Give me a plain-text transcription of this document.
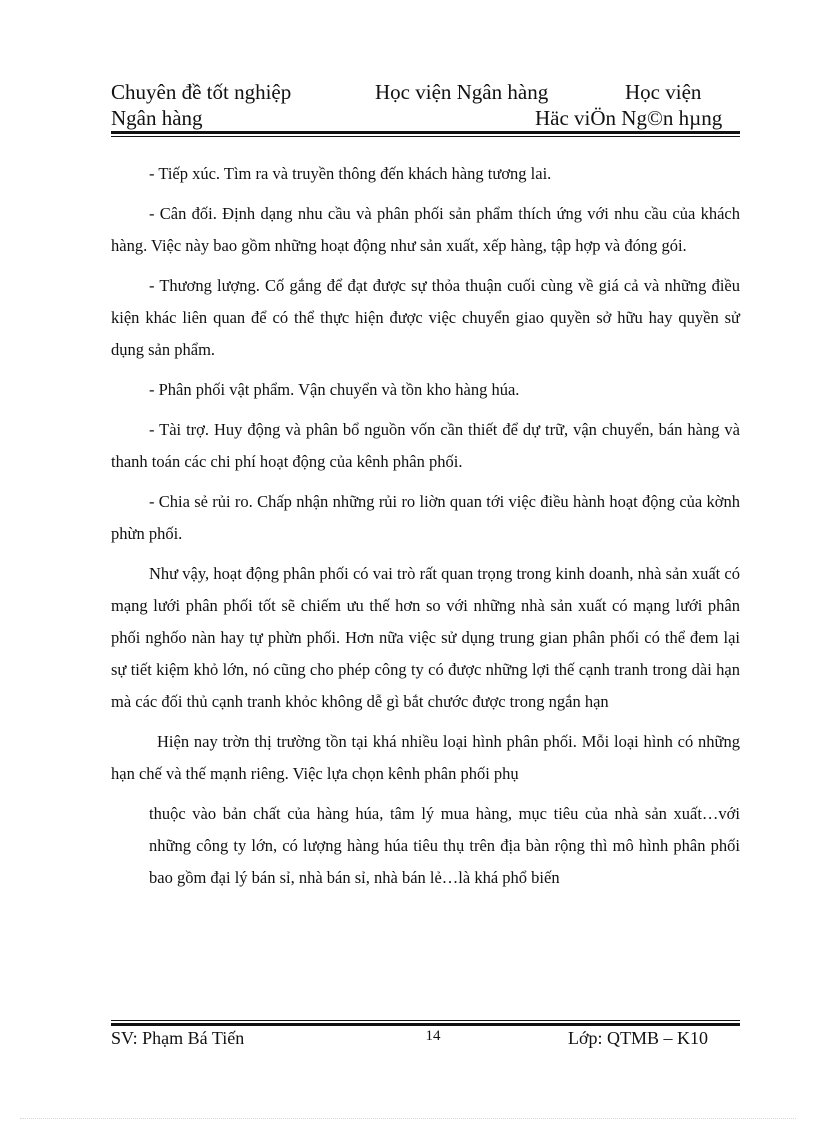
Chuyên đề tốt nghiệp	Học viện Ngân hàng	Học viện
Ngân hàng	Häc viÖn Ng©n hµng

- Tiếp xúc. Tìm ra và truyền thông đến khách hàng tương lai.

- Cân đối. Định dạng nhu cầu và phân phối sản phẩm thích ứng với nhu cầu của khách hàng. Việc này bao gồm những hoạt động như sản xuất, xếp hàng, tập hợp và đóng gói.

- Thương lượng. Cố gắng để đạt được sự thỏa thuận cuối cùng về giá cả và những điều kiện khác liên quan để có thể thực hiện được việc chuyển giao quyền sở hữu hay quyền sử dụng sản phẩm.

- Phân phối vật phẩm. Vận chuyển và tồn kho hàng húa.

- Tài trợ. Huy động và phân bổ nguồn vốn cần thiết để dự trữ, vận chuyển, bán hàng và thanh toán các chi phí hoạt động của kênh phân phối.

- Chia sẻ rủi ro. Chấp nhận những rủi ro liờn quan tới việc điều hành hoạt động của kờnh phừn phối.

Như vậy, hoạt động phân phối có vai trò rất quan trọng trong kinh doanh, nhà sản xuất có mạng lưới phân phối tốt sẽ chiếm ưu thế hơn so với những nhà sản xuất có mạng lưới phân phối nghốo nàn hay tự phừn phối. Hơn nữa việc sử dụng trung gian phân phối có thể đem lại sự tiết kiệm khỏ lớn, nó cũng cho phép công ty có được những lợi thế cạnh tranh trong dài hạn mà các đối thủ cạnh tranh khỏc không dễ gì bắt chước được trong ngắn hạn

Hiện nay trờn thị trường tồn tại khá nhiều loại hình phân phối. Mỗi loại hình có những hạn chế và thế mạnh riêng. Việc lựa chọn kênh phân phối phụ

thuộc vào bản chất của hàng húa, tâm lý mua hàng, mục tiêu của nhà sản xuất…với những công ty lớn, có lượng hàng húa tiêu thụ trên địa bàn rộng thì mô hình phân phối bao gồm đại lý bán sỉ, nhà bán sỉ, nhà bán lẻ…là khá phổ biến

SV: Phạm Bá Tiến	14	Lớp: QTMB – K10
